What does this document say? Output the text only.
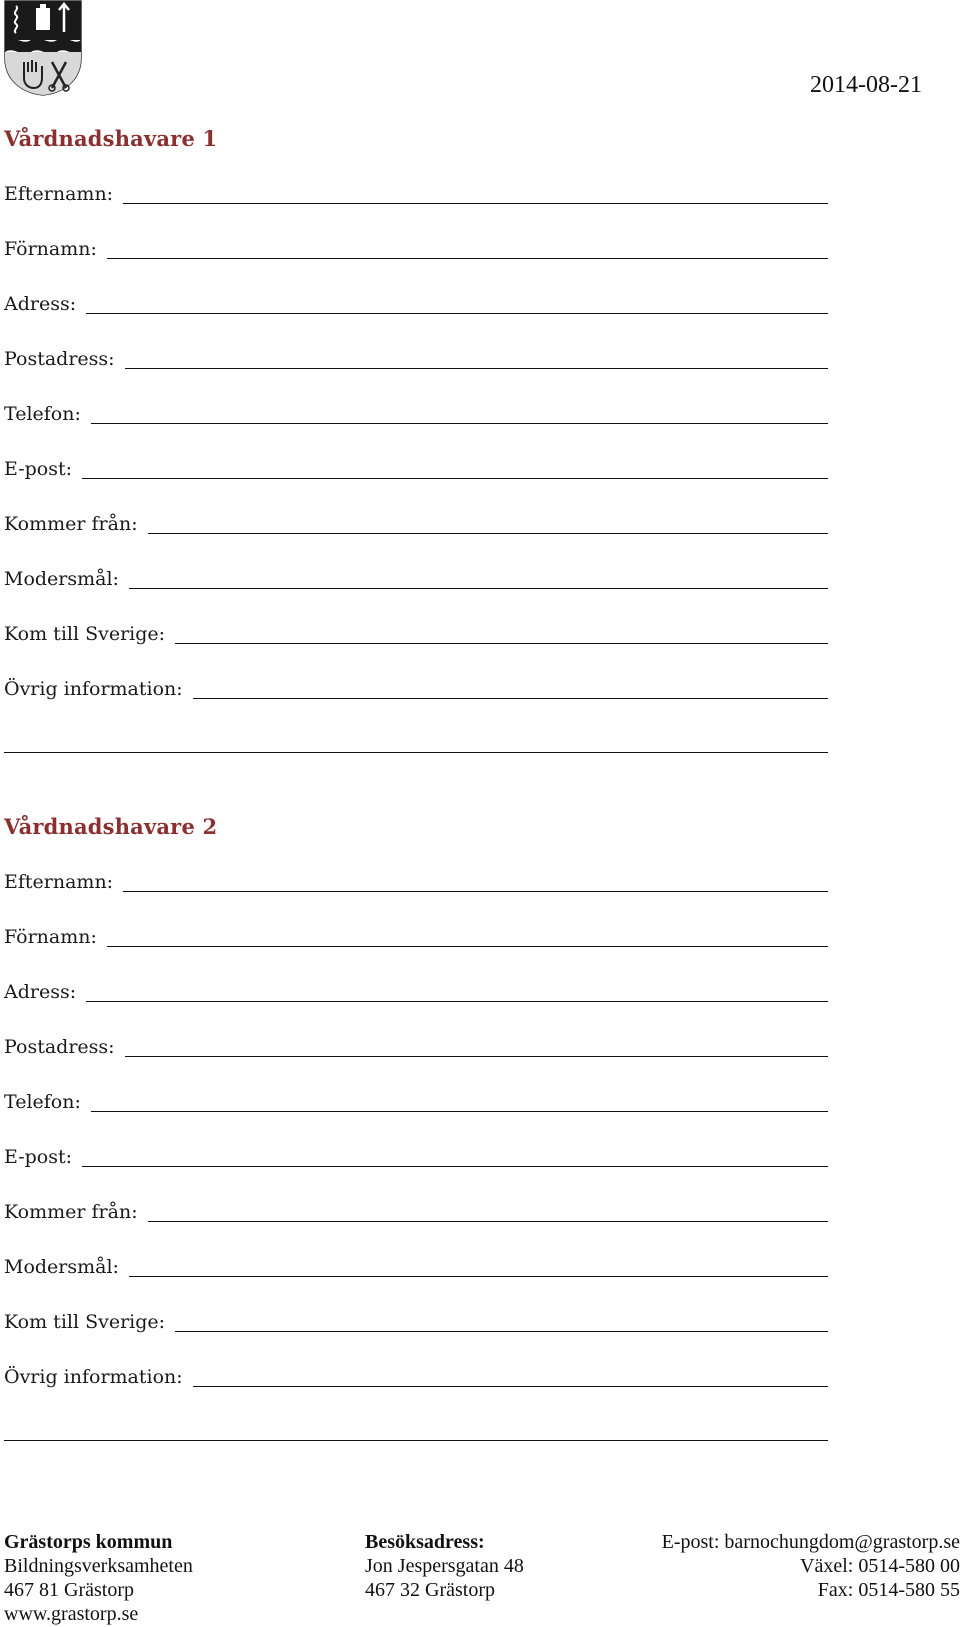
2014-08-21
Vårdnadshavare 1
Efternamn:
Förnamn:
Adress:
Postadress:
Telefon:
E-post:
Kommer från:
Modersmål:
Kom till Sverige:
Övrig information:
Vårdnadshavare 2
Efternamn:
Förnamn:
Adress:
Postadress:
Telefon:
E-post:
Kommer från:
Modersmål:
Kom till Sverige:
Övrig information:
Grästorps kommun
Bildningsverksamheten
467 81 Grästorp
www.grastorp.se
Besöksadress:
Jon Jespersgatan 48
467 32 Grästorp
E-post: barnochungdom@grastorp.se
Växel: 0514-580 00
Fax: 0514-580 55
